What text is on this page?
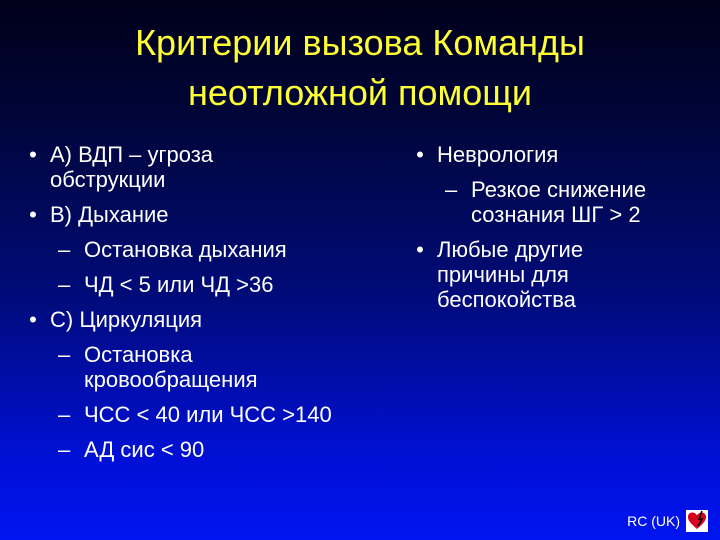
Критерии вызова Команды
неотложной помощи
• A) ВДП – угроза
обструкции
• B) Дыхание
– Остановка дыхания
– ЧД < 5 или ЧД >36
• C) Циркуляция
– Остановка
кровообращения
– ЧСС < 40 или ЧСС >140
– АД сис < 90
• Неврология
– Резкое снижение
сознания ШГ > 2
• Любые другие
причины для
беспокойства
RC (UK)
